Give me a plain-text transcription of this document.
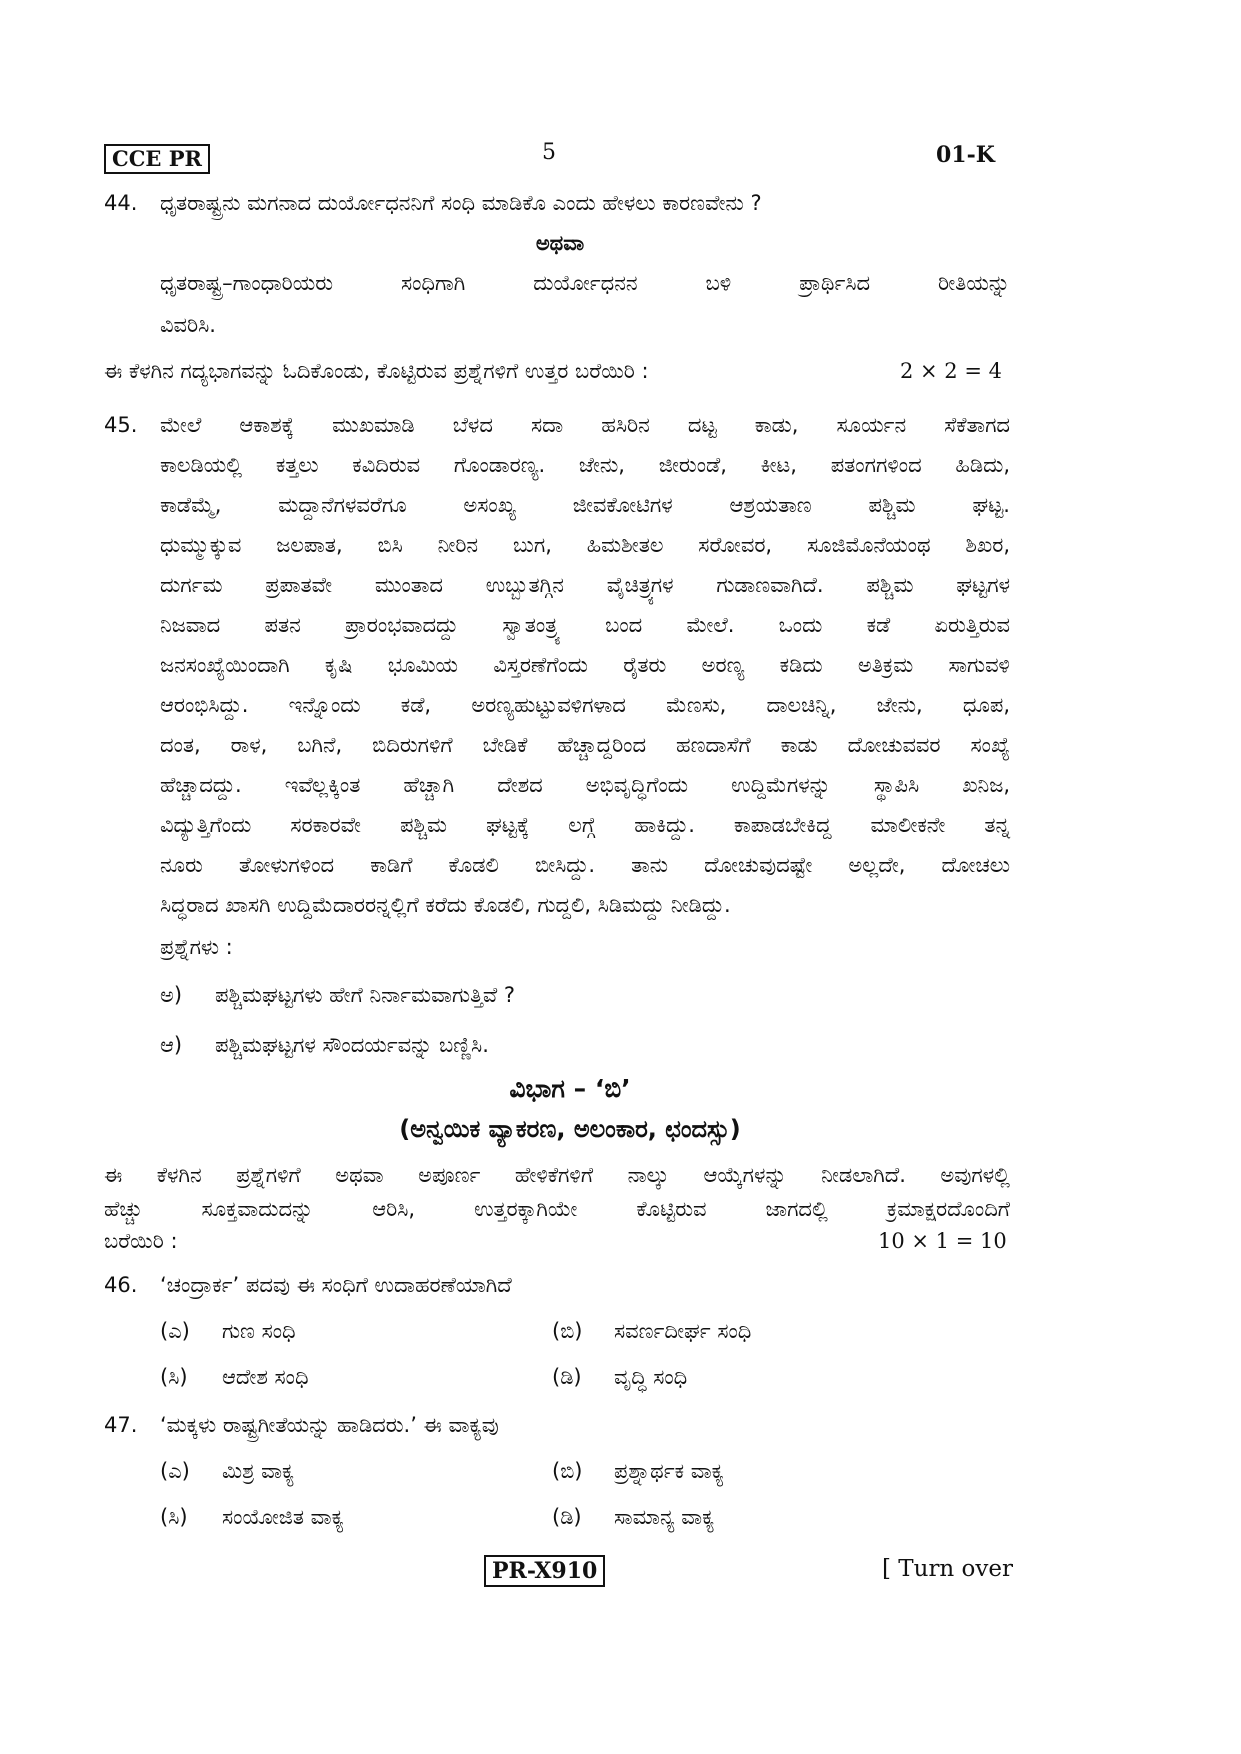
CCE PR	5	01-K
44. ಧೃತರಾಷ್ಟ್ರನು ಮಗನಾದ ದುರ್ಯೋಧನನಿಗೆ ಸಂಧಿ ಮಾಡಿಕೊ ಎಂದು ಹೇಳಲು ಕಾರಣವೇನು ?
ಅಥವಾ
ಧೃತರಾಷ್ಟ್ರ–ಗಾಂಧಾರಿಯರು ಸಂಧಿಗಾಗಿ ದುರ್ಯೋಧನನ ಬಳಿ ಪ್ರಾರ್ಥಿಸಿದ ರೀತಿಯನ್ನು
ವಿವರಿಸಿ.
ಈ ಕೆಳಗಿನ ಗದ್ಯಭಾಗವನ್ನು ಓದಿಕೊಂಡು, ಕೊಟ್ಟಿರುವ ಪ್ರಶ್ನೆಗಳಿಗೆ ಉತ್ತರ ಬರೆಯಿರಿ :	2 × 2 = 4
45. ಮೇಲೆ ಆಕಾಶಕ್ಕೆ ಮುಖಮಾಡಿ ಬೆಳದ ಸದಾ ಹಸಿರಿನ ದಟ್ಟ ಕಾಡು, ಸೂರ್ಯನ ಸೆಕೆತಾಗದ
ಕಾಲಡಿಯಲ್ಲಿ ಕತ್ತಲು ಕವಿದಿರುವ ಗೊಂಡಾರಣ್ಯ. ಜೇನು, ಜೀರುಂಡೆ, ಕೀಟ, ಪತಂಗಗಳಿಂದ ಹಿಡಿದು,
ಕಾಡೆಮ್ಮೆ, ಮದ್ದಾನೆಗಳವರೆಗೂ ಅಸಂಖ್ಯ ಜೀವಕೋಟಿಗಳ ಆಶ್ರಯತಾಣ ಪಶ್ಚಿಮ ಘಟ್ಟ.
ಧುಮ್ಮುಕ್ಕುವ ಜಲಪಾತ, ಬಿಸಿ ನೀರಿನ ಬುಗ, ಹಿಮಶೀತಲ ಸರೋವರ, ಸೂಜಿಮೊನೆಯಂಥ ಶಿಖರ,
ದುರ್ಗಮ ಪ್ರಪಾತವೇ ಮುಂತಾದ ಉಬ್ಬುತಗ್ಗಿನ ವೈಚಿತ್ರ್ಯಗಳ ಗುಡಾಣವಾಗಿದೆ. ಪಶ್ಚಿಮ ಘಟ್ಟಗಳ
ನಿಜವಾದ ಪತನ ಪ್ರಾರಂಭವಾದದ್ದು ಸ್ವಾತಂತ್ರ್ಯ ಬಂದ ಮೇಲೆ. ಒಂದು ಕಡೆ ಏರುತ್ತಿರುವ
ಜನಸಂಖ್ಯೆಯಿಂದಾಗಿ ಕೃಷಿ ಭೂಮಿಯ ವಿಸ್ತರಣೆಗೆಂದು ರೈತರು ಅರಣ್ಯ ಕಡಿದು ಅತಿಕ್ರಮ ಸಾಗುವಳಿ
ಆರಂಭಿಸಿದ್ದು. ಇನ್ನೊಂದು ಕಡೆ, ಅರಣ್ಯಹುಟ್ಟುವಳಿಗಳಾದ ಮೆಣಸು, ದಾಲಚಿನ್ನಿ, ಜೇನು, ಧೂಪ,
ದಂತ, ರಾಳ, ಬಗಿನೆ, ಬಿದಿರುಗಳಿಗೆ ಬೇಡಿಕೆ ಹೆಚ್ಚಾದ್ದರಿಂದ ಹಣದಾಸೆಗೆ ಕಾಡು ದೋಚುವವರ ಸಂಖ್ಯೆ
ಹೆಚ್ಚಾದದ್ದು. ಇವೆಲ್ಲಕ್ಕಿಂತ ಹೆಚ್ಚಾಗಿ ದೇಶದ ಅಭಿವೃದ್ಧಿಗೆಂದು ಉದ್ದಿಮೆಗಳನ್ನು ಸ್ಥಾಪಿಸಿ ಖನಿಜ,
ವಿದ್ಯುತ್ತಿಗೆಂದು ಸರಕಾರವೇ ಪಶ್ಚಿಮ ಘಟ್ಟಕ್ಕೆ ಲಗ್ಗೆ ಹಾಕಿದ್ದು. ಕಾಪಾಡಬೇಕಿದ್ದ ಮಾಲೀಕನೇ ತನ್ನ
ನೂರು ತೋಳುಗಳಿಂದ ಕಾಡಿಗೆ ಕೊಡಲಿ ಬೀಸಿದ್ದು. ತಾನು ದೋಚುವುದಷ್ಟೇ ಅಲ್ಲದೇ, ದೋಚಲು
ಸಿದ್ಧರಾದ ಖಾಸಗಿ ಉದ್ದಿಮೆದಾರರನ್ನಲ್ಲಿಗೆ ಕರೆದು ಕೊಡಲಿ, ಗುದ್ದಲಿ, ಸಿಡಿಮದ್ದು ನೀಡಿದ್ದು.
ಪ್ರಶ್ನೆಗಳು :
ಅ) ಪಶ್ಚಿಮಘಟ್ಟಗಳು ಹೇಗೆ ನಿರ್ನಾಮವಾಗುತ್ತಿವೆ ?
ಆ) ಪಶ್ಚಿಮಘಟ್ಟಗಳ ಸೌಂದರ್ಯವನ್ನು ಬಣ್ಣಿಸಿ.
ವಿಭಾಗ – ‘ಬಿ’
(ಅನ್ವಯಿಕ ವ್ಯಾಕರಣ, ಅಲಂಕಾರ, ಛಂದಸ್ಸು)
ಈ ಕೆಳಗಿನ ಪ್ರಶ್ನೆಗಳಿಗೆ ಅಥವಾ ಅಪೂರ್ಣ ಹೇಳಿಕೆಗಳಿಗೆ ನಾಲ್ಕು ಆಯ್ಕೆಗಳನ್ನು ನೀಡಲಾಗಿದೆ. ಅವುಗಳಲ್ಲಿ
ಹೆಚ್ಚು ಸೂಕ್ತವಾದುದನ್ನು ಆರಿಸಿ, ಉತ್ತರಕ್ಕಾಗಿಯೇ ಕೊಟ್ಟಿರುವ ಜಾಗದಲ್ಲಿ ಕ್ರಮಾಕ್ಷರದೊಂದಿಗೆ
ಬರೆಯಿರಿ :	10 × 1 = 10
46. ‘ಚಂದ್ರಾರ್ಕ’ ಪದವು ಈ ಸಂಧಿಗೆ ಉದಾಹರಣೆಯಾಗಿದೆ
(ಎ) ಗುಣ ಸಂಧಿ	(ಬಿ) ಸವರ್ಣದೀರ್ಘ ಸಂಧಿ
(ಸಿ) ಆದೇಶ ಸಂಧಿ	(ಡಿ) ವೃದ್ಧಿ ಸಂಧಿ
47. ‘ಮಕ್ಕಳು ರಾಷ್ಟ್ರಗೀತೆಯನ್ನು ಹಾಡಿದರು.’ ಈ ವಾಕ್ಯವು
(ಎ) ಮಿಶ್ರ ವಾಕ್ಯ	(ಬಿ) ಪ್ರಶ್ನಾರ್ಥಕ ವಾಕ್ಯ
(ಸಿ) ಸಂಯೋಜಿತ ವಾಕ್ಯ	(ಡಿ) ಸಾಮಾನ್ಯ ವಾಕ್ಯ
PR-X910	[ Turn over
